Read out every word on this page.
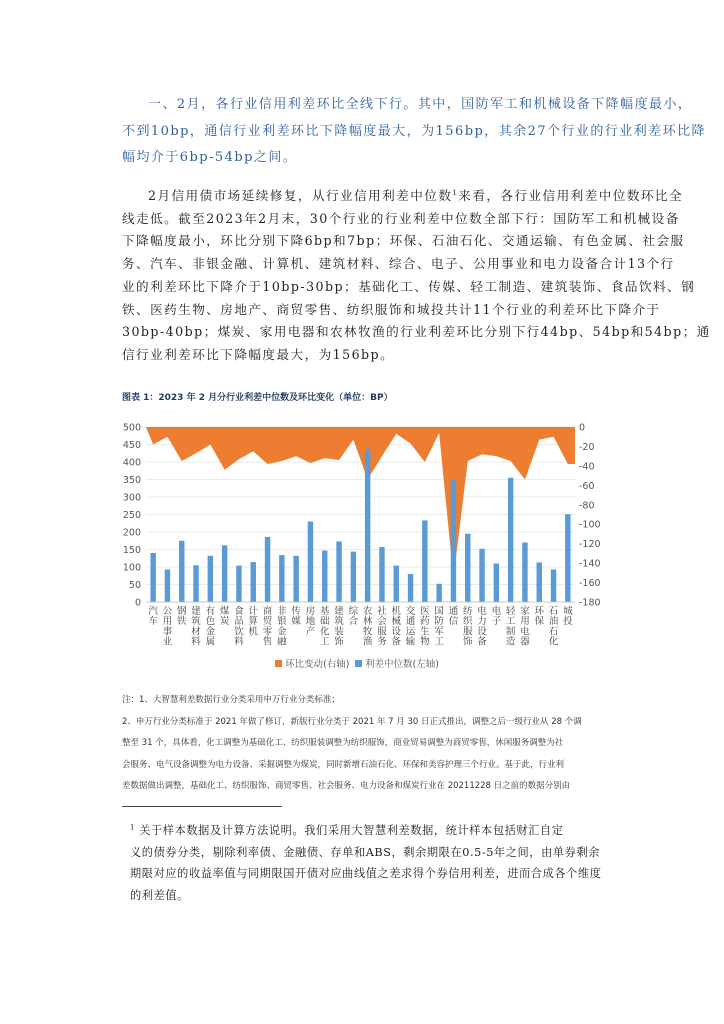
一、2月，各行业信用利差环比全线下行。其中，国防军工和机械设备下降幅度最小，
不到10bp，通信行业利差环比下降幅度最大，为156bp，其余27个行业的行业利差环比降
幅均介于6bp-54bp之间。
2月信用债市场延续修复，从行业信用利差中位数$^1$来看，各行业信用利差中位数环比全
线走低。截至2023年2月末，30个行业的行业利差中位数全部下行：国防军工和机械设备
下降幅度最小，环比分别下降6bp和7bp；环保、石油石化、交通运输、有色金属、社会服
务、汽车、非银金融、计算机、建筑材料、综合、电子、公用事业和电力设备合计13个行
业的利差环比下降介于10bp-30bp；基础化工、传媒、轻工制造、建筑装饰、食品饮料、钢
铁、医药生物、房地产、商贸零售、纺织服饰和城投共计11个行业的利差环比下降介于
30bp-40bp；煤炭、家用电器和农林牧渔的行业利差环比分别下行44bp、54bp和54bp；通
信行业利差环比下降幅度最大，为156bp。

图表 1：2023 年 2 月分行业利差中位数及环比变化（单位：BP）

0
50
100
150
200
250
300
350
400
450
500	0
-20
-40
-60
-80
-100
-120
-140
-160
-180
汽车
公用事业
钢铁
建筑材料
有色金属
煤炭
食品饮料
计算机
商贸零售
非银金融
传媒
房地产
基础化工
建筑装饰
综合
农林牧渔
社会服务
机械设备
交通运输
医药生物
国防军工
通信
纺织服饰
电力设备
电子
轻工制造
家用电器
环保
石油石化
城投
环比变动(右轴) 利差中位数(左轴)
注：1、大智慧利差数据行业分类采用申万行业分类标准；
2、申万行业分类标准于 2021 年做了修订，新版行业分类于 2021 年 7 月 30 日正式推出，调整之后一级行业从 28 个调
整至 31 个，具体看，化工调整为基础化工、纺织服装调整为纺织服饰，商业贸易调整为商贸零售，休闲服务调整为社
会服务、电气设备调整为电力设备、采掘调整为煤炭，同时新增石油石化、环保和美容护理三个行业。基于此，行业利
差数据做出调整，基础化工、纺织服饰、商贸零售、社会服务、电力设备和煤炭行业在 20211228 日之前的数据分别由
$^1$ 关于样本数据及计算方法说明。我们采用大智慧利差数据，统计样本包括财汇自定
义的债券分类，剔除利率债、金融债、存单和ABS，剩余期限在0.5-5年之间，由单券剩余
期限对应的收益率值与同期限国开债对应曲线值之差求得个券信用利差，进而合成各个维度
的利差值。
